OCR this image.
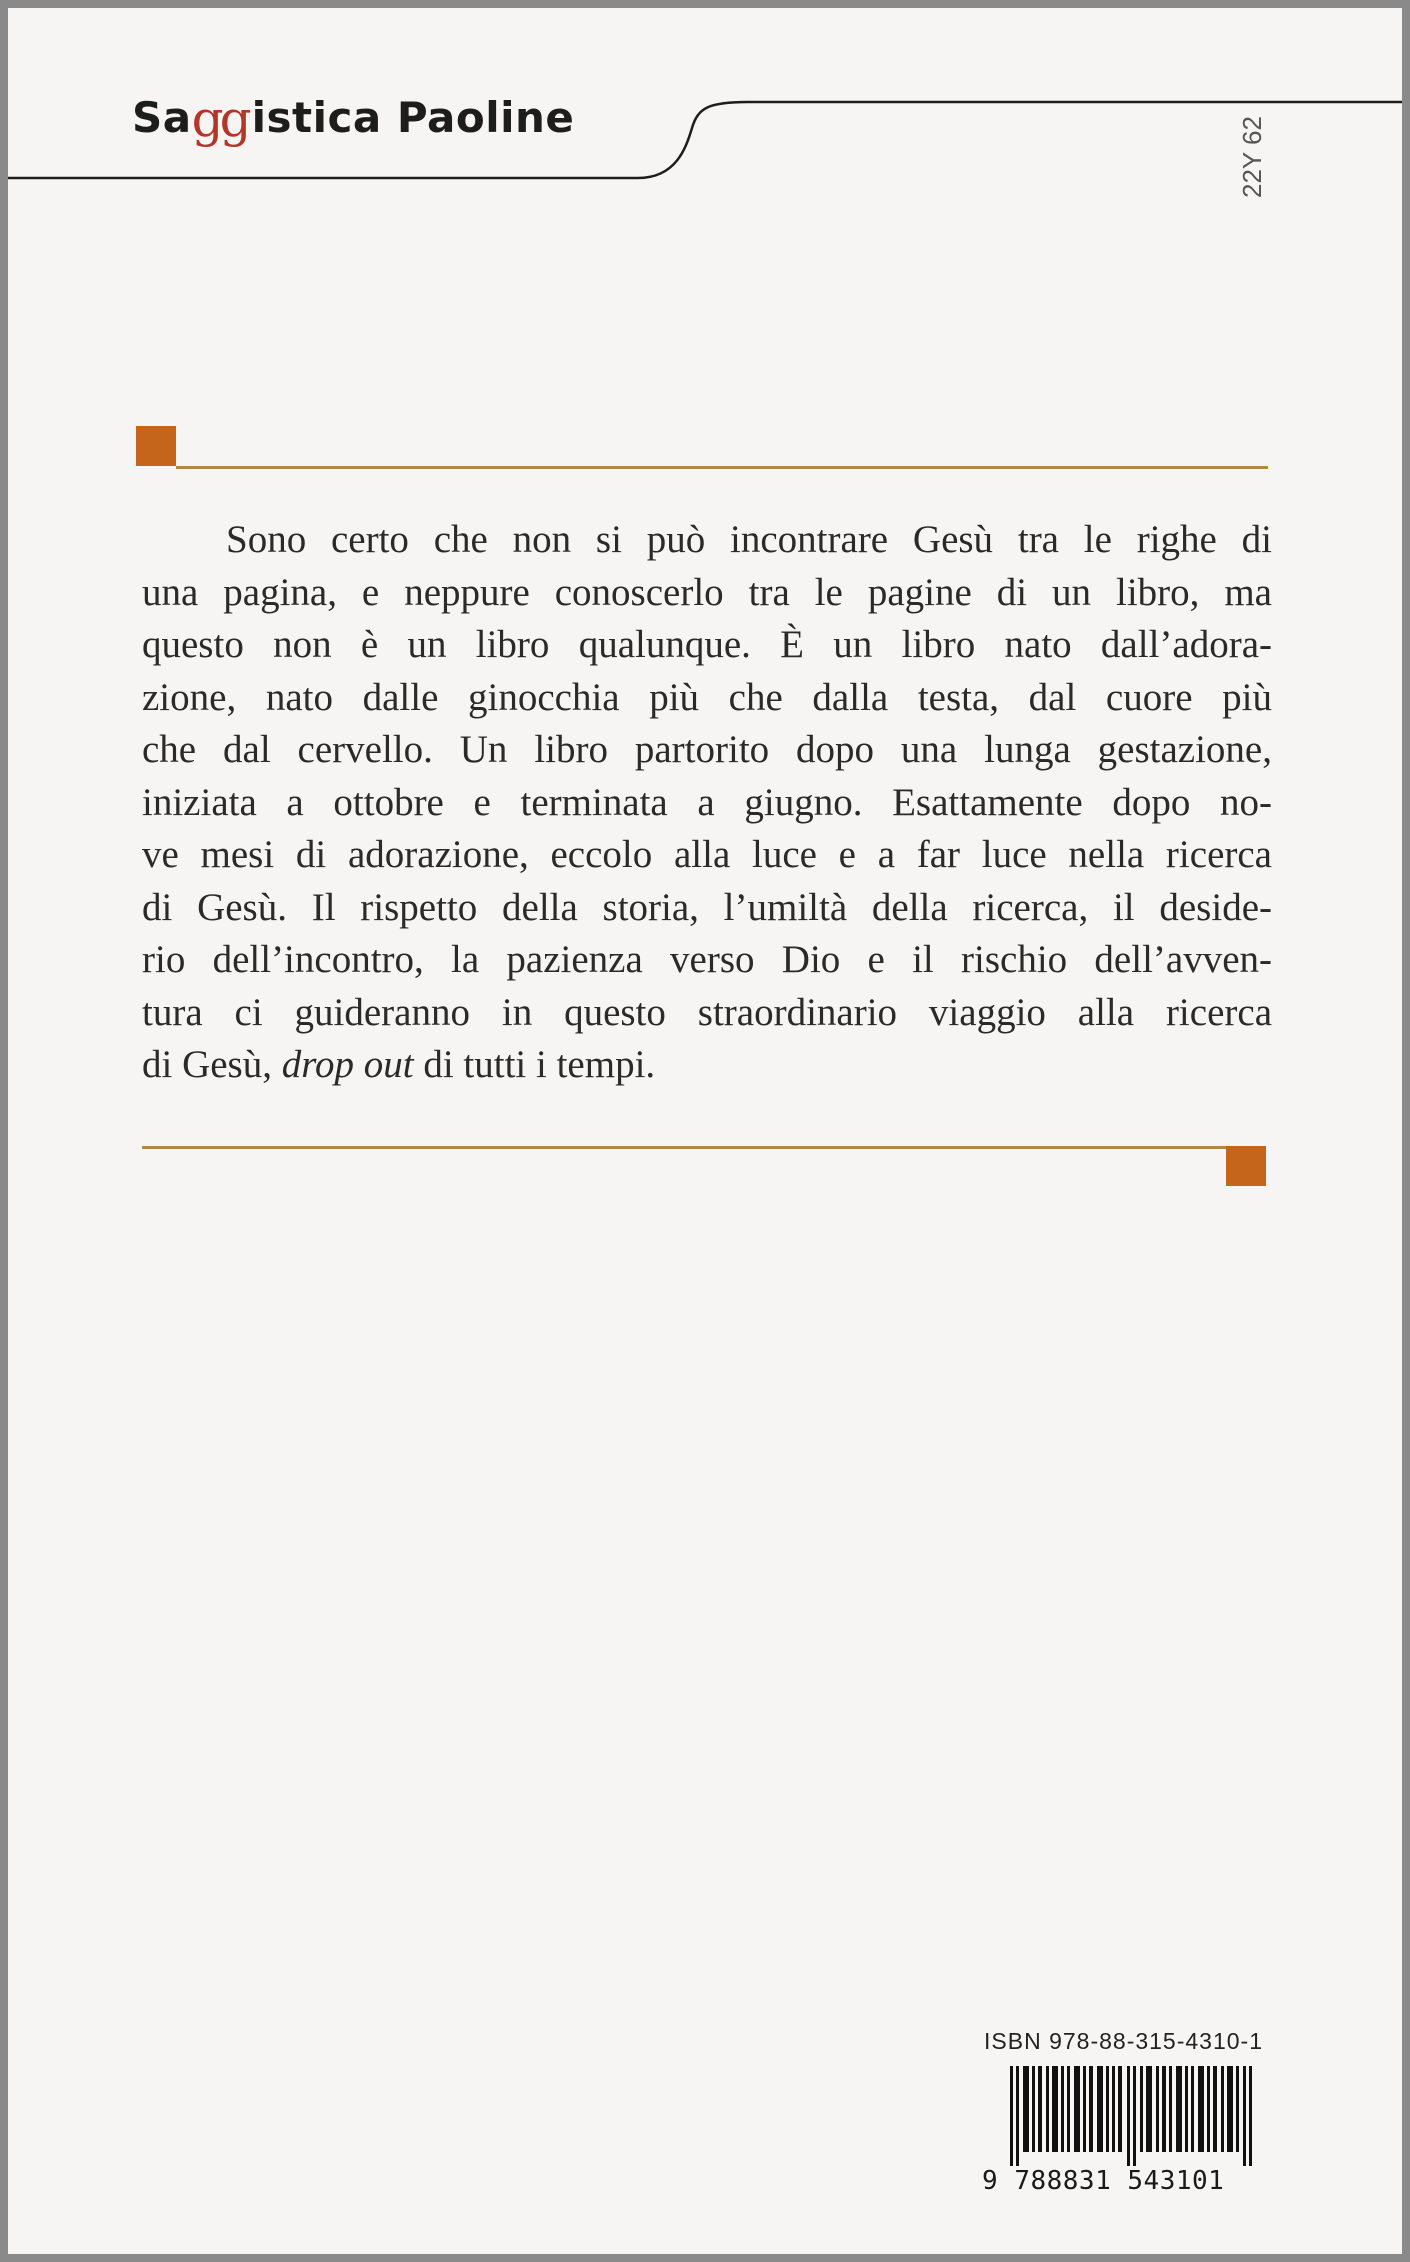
Saggistica Paoline	22Y 62
Sono certo che non si può incontrare Gesù tra le righe di
una pagina, e neppure conoscerlo tra le pagine di un libro, ma
questo non è un libro qualunque. È un libro nato dall’adora-
zione, nato dalle ginocchia più che dalla testa, dal cuore più
che dal cervello. Un libro partorito dopo una lunga gestazione,
iniziata a ottobre e terminata a giugno. Esattamente dopo no-
ve mesi di adorazione, eccolo alla luce e a far luce nella ricerca
di Gesù. Il rispetto della storia, l’umiltà della ricerca, il deside-
rio dell’incontro, la pazienza verso Dio e il rischio dell’avven-
tura ci guideranno in questo straordinario viaggio alla ricerca
di Gesù, drop out di tutti i tempi.
ISBN 978-88-315-4310-1
9 788831 543101
